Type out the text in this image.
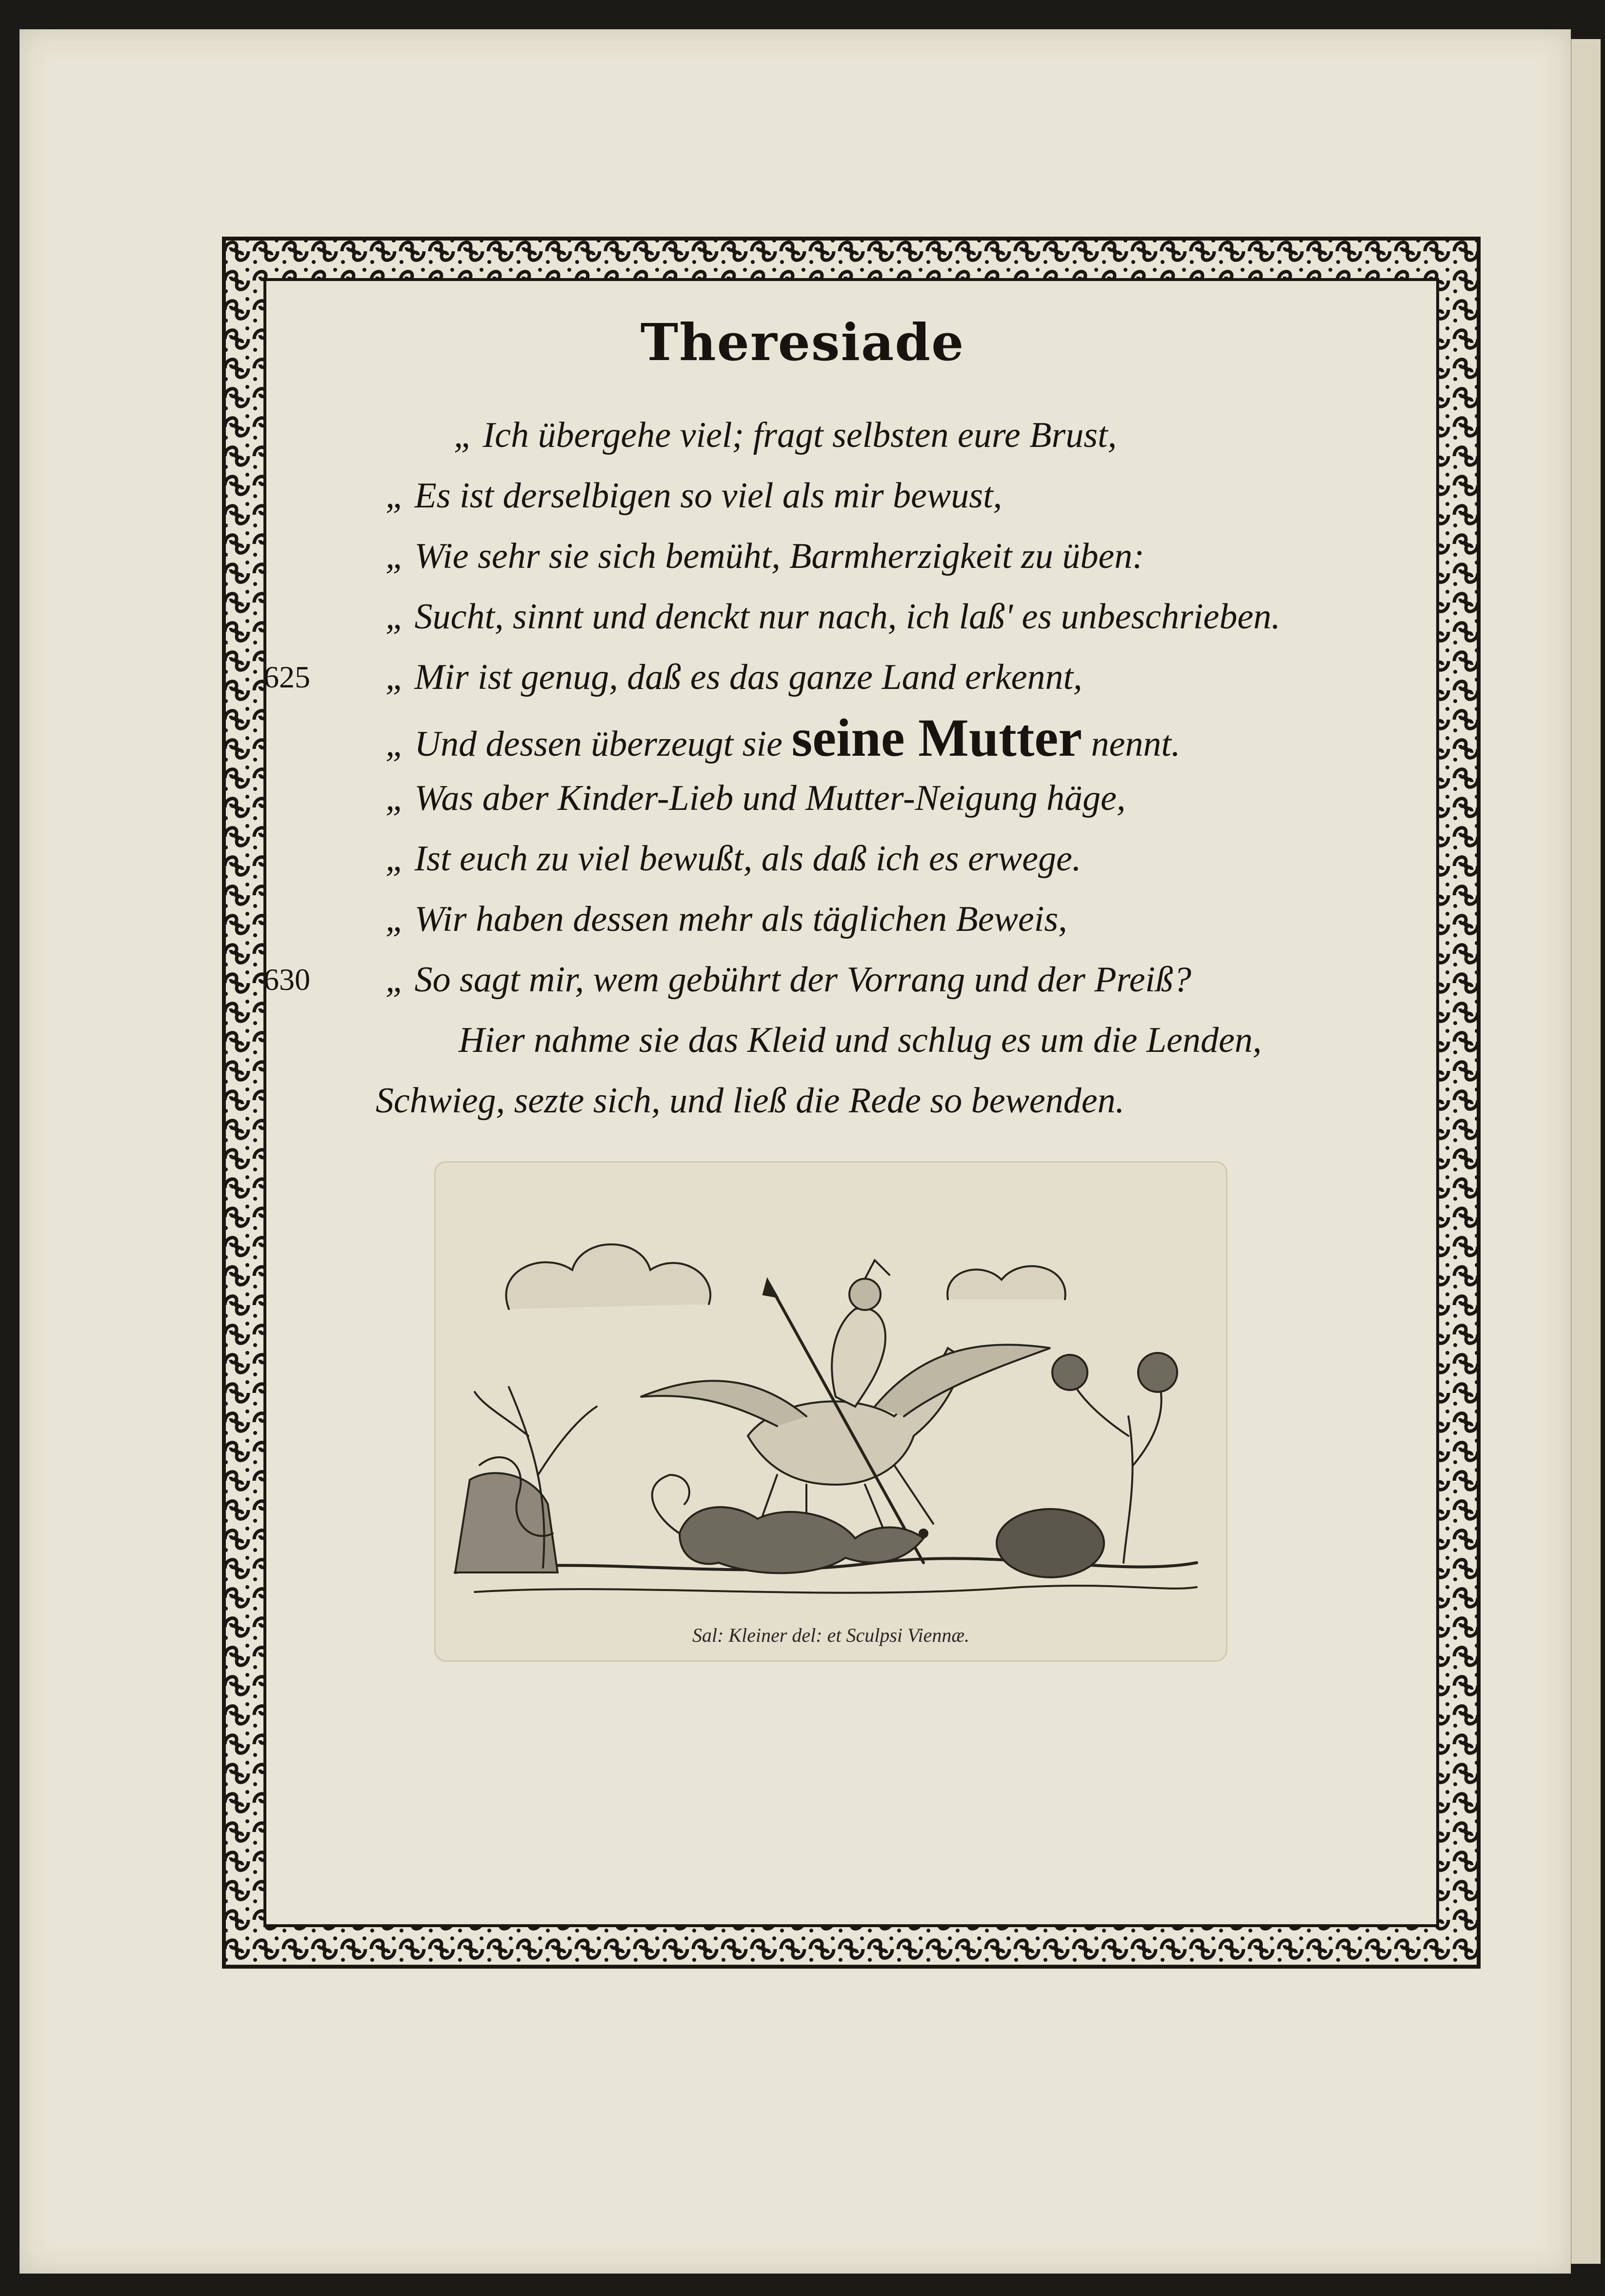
Theresiade
„ Ich übergehe viel; fragt selbsten eure Brust,
„ Es ist derselbigen so viel als mir bewust,
„ Wie sehr sie sich bemüht, Barmherzigkeit zu üben:
„ Sucht, sinnt und denckt nur nach, ich laß' es unbeschrieben.
625 „ Mir ist genug, daß es das ganze Land erkennt,
„ Und dessen überzeugt sie seine Mutter nennt.
„ Was aber Kinder-Lieb und Mutter-Neigung häge,
„ Ist euch zu viel bewußt, als daß ich es erwege.
„ Wir haben dessen mehr als täglichen Beweis,
630 „ So sagt mir, wem gebührt der Vorrang und der Preiß?
Hier nahme sie das Kleid und schlug es um die Lenden,
Schwieg, sezte sich, und ließ die Rede so bewenden.
Sal: Kleiner del: et Sculpsi Viennæ.
